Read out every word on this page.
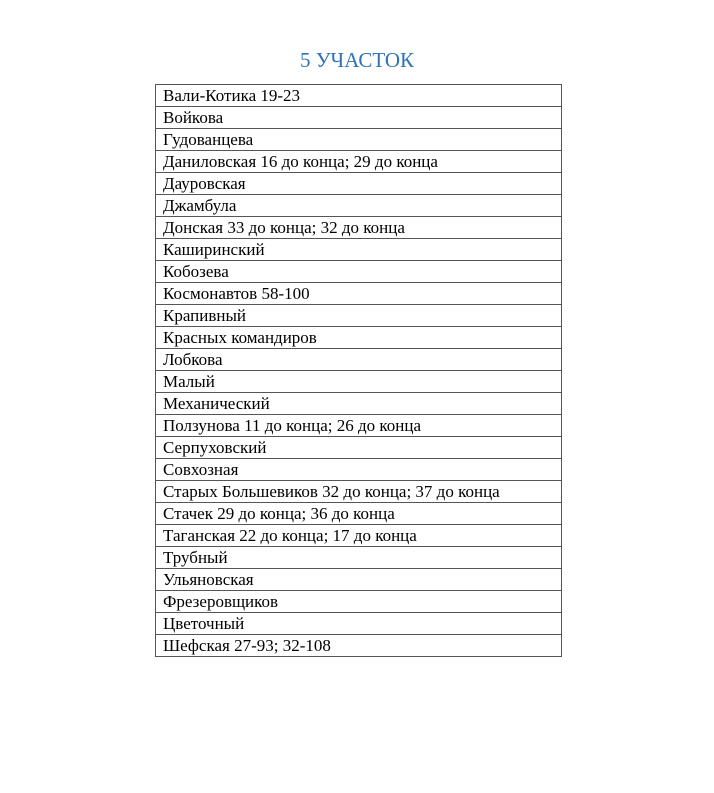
5 УЧАСТОК
Вали-Котика 19-23
Войкова
Гудованцева
Даниловская 16 до конца; 29 до конца
Дауровская
Джамбула
Донская 33 до конца; 32 до конца
Каширинский
Кобозева
Космонавтов 58-100
Крапивный
Красных командиров
Лобкова
Малый
Механический
Ползунова 11 до конца; 26 до конца
Серпуховский
Совхозная
Старых Большевиков 32 до конца; 37 до конца
Стачек 29 до конца; 36 до конца
Таганская 22 до конца; 17 до конца
Трубный
Ульяновская
Фрезеровщиков
Цветочный
Шефская 27-93; 32-108
